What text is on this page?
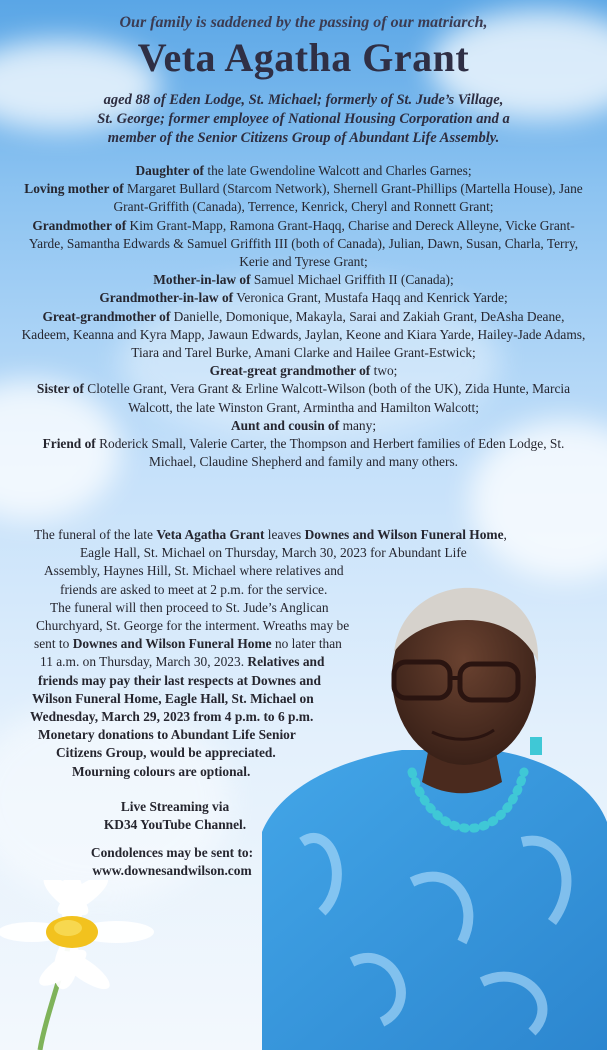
Our family is saddened by the passing of our matriarch,
Veta Agatha Grant
aged 88 of Eden Lodge, St. Michael; formerly of St. Jude’s Village,
St. George; former employee of National Housing Corporation and a
member of the Senior Citizens Group of Abundant Life Assembly.
Daughter of the late Gwendoline Walcott and Charles Garnes;
Loving mother of Margaret Bullard (Starcom Network), Shernell Grant-Phillips (Martella House), Jane Grant-Griffith (Canada), Terrence, Kenrick, Cheryl and Ronnett Grant;
Grandmother of Kim Grant-Mapp, Ramona Grant-Haqq, Charise and Dereck Alleyne, Vicke Grant-Yarde, Samantha Edwards & Samuel Griffith III (both of Canada), Julian, Dawn, Susan, Charla, Terry, Kerie and Tyrese Grant;
Mother-in-law of Samuel Michael Griffith II (Canada);
Grandmother-in-law of Veronica Grant, Mustafa Haqq and Kenrick Yarde;
Great-grandmother of Danielle, Domonique, Makayla, Sarai and Zakiah Grant, DeAsha Deane, Kadeem, Keanna and Kyra Mapp, Jawaun Edwards, Jaylan, Keone and Kiara Yarde, Hailey-Jade Adams, Tiara and Tarel Burke, Amani Clarke and Hailee Grant-Estwick;
Great-great grandmother of two;
Sister of Clotelle Grant, Vera Grant & Erline Walcott-Wilson (both of the UK), Zida Hunte, Marcia Walcott, the late Winston Grant, Armintha and Hamilton Walcott;
Aunt and cousin of many;
Friend of Roderick Small, Valerie Carter, the Thompson and Herbert families of Eden Lodge, St. Michael, Claudine Shepherd and family and many others.
The funeral of the late Veta Agatha Grant leaves Downes and Wilson Funeral Home,
Eagle Hall, St. Michael on Thursday, March 30, 2023 for Abundant Life
Assembly, Haynes Hill, St. Michael where relatives and
friends are asked to meet at 2 p.m. for the service.
The funeral will then proceed to St. Jude’s Anglican
Churchyard, St. George for the interment. Wreaths may be
sent to Downes and Wilson Funeral Home no later than
11 a.m. on Thursday, March 30, 2023. Relatives and
friends may pay their last respects at Downes and
Wilson Funeral Home, Eagle Hall, St. Michael on
Wednesday, March 29, 2023 from 4 p.m. to 6 p.m.
Monetary donations to Abundant Life Senior
Citizens Group, would be appreciated.
Mourning colours are optional.
Live Streaming via
KD34 YouTube Channel.
Condolences may be sent to:
www.downesandwilson.com
